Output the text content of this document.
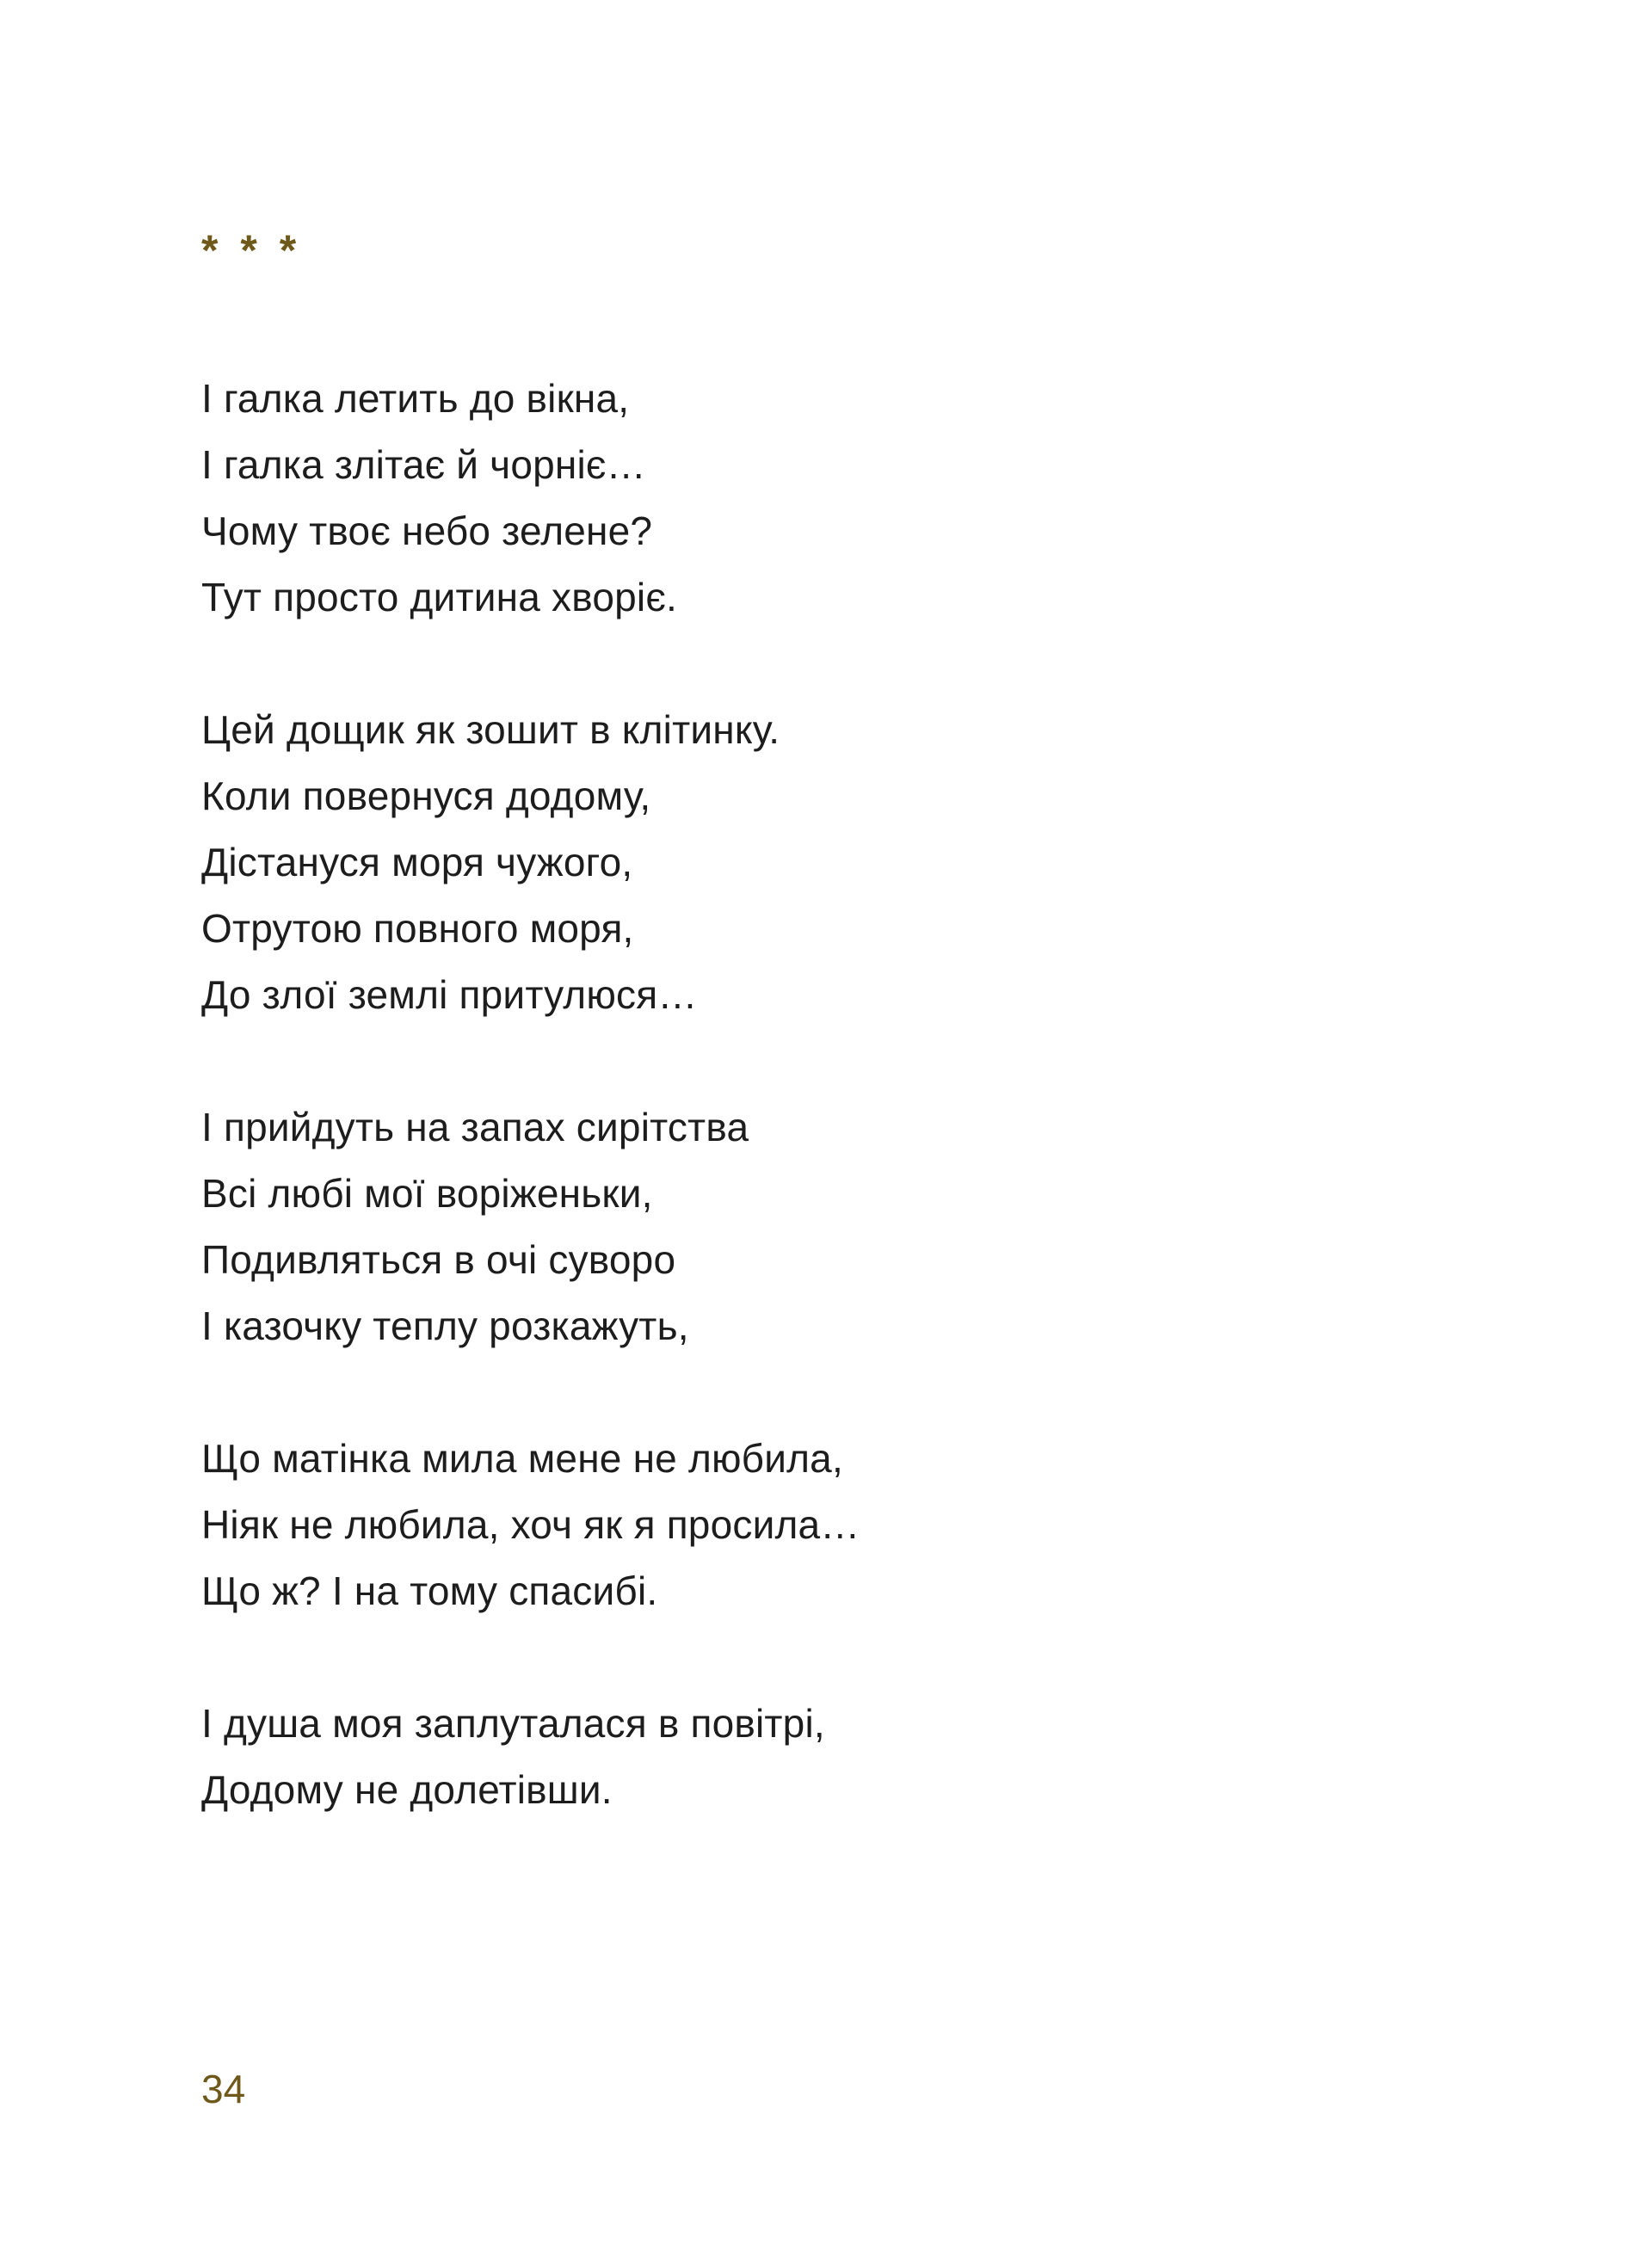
* * *
І галка летить до вікна,
І галка злітає й чорніє…
Чому твоє небо зелене?
Тут просто дитина хворіє.
Цей дощик як зошит в клітинку.
Коли повернуся додому,
Дістануся моря чужого,
Отрутою повного моря,
До злої землі притулюся…
І прийдуть на запах сирітства
Всі любі мої воріженьки,
Подивляться в очі суворо
І казочку теплу розкажуть,
Що матінка мила мене не любила,
Ніяк не любила, хоч як я просила…
Що ж? І на тому спасибі.
І душа моя заплуталася в повітрі,
Додому не долетівши.
34
